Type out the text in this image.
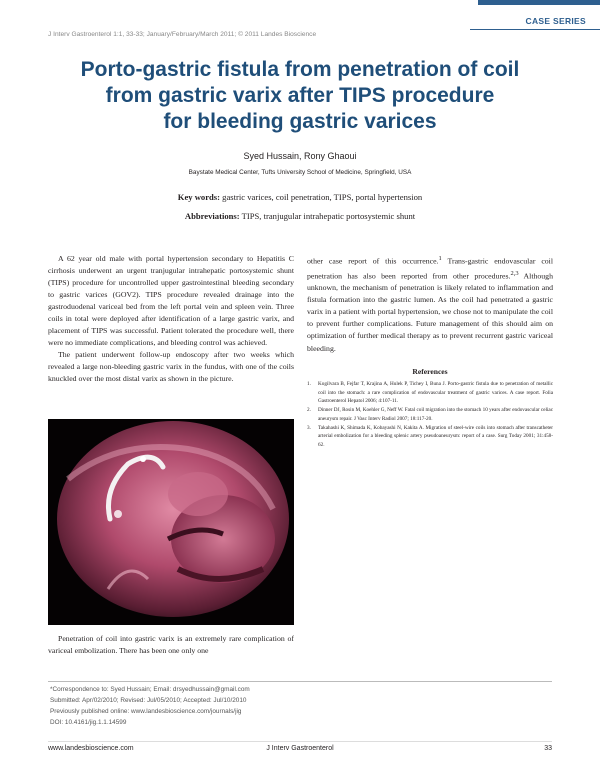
CASE SERIES
J Interv Gastroenterol 1:1, 33-33; January/February/March 2011; © 2011 Landes Bioscience
Porto-gastric fistula from penetration of coil
from gastric varix after TIPS procedure
for bleeding gastric varices
Syed Hussain, Rony Ghaoui
Baystate Medical Center, Tufts University School of Medicine, Springfield, USA
Key words: gastric varices, coil penetration, TIPS, portal hypertension
Abbreviations: TIPS, tranjugular intrahepatic portosystemic shunt

A 62 year old male with portal hypertension secondary to Hepatitis C cirrhosis underwent an urgent tranjugular intrahepatic portosystemic shunt (TIPS) procedure for uncontrolled upper gastrointestinal bleeding secondary to gastric varices (GOV2). TIPS procedure revealed drainage into the gastroduodenal variceal bed from the left portal vein and spleen vein. Three coils in total were deployed after identification of a large gastric varix, and placement of TIPS was successful. Patient tolerated the procedure well, there were no immediate complications, and bleeding control was achieved.

The patient underwent follow-up endoscopy after two weeks which revealed a large non-bleeding gastric varix in the fundus, with one of the coils knuckled over the most distal varix as shown in the picture.

Penetration of coil into gastric varix is an extremely rare complication of variceal embolization. There has been one only one

other case report of this occurrence.$^1$ Trans-gastric endovascular coil penetration has also been reported from other procedures.$^{2,3}$ Although unknown, the mechanism of penetration is likely related to inflammation and fistula formation into the gastric lumen. As the coil had penetrated a gastric varix in a patient with portal hypertension, we chose not to manipulate the coil to prevent further complications. Future management of this should aim on optimization of further medical therapy as to prevent recurrent gastric variceal bleeding.

References
1. Kogilvara B, Fejfar T, Krajina A, Hulek P, Tichey I, Buna J. Porto-gastric fistula due to penetration of metallic coil into the stomach: a rare complication of endovascular treatment of gastric varices. A case report. Folia Gastroenterol Hepatol 2006; 4:107-11.
2. Dinner DJ, Rosin M, Koehler G, Neff W. Fatal coil migration into the stomach 10 years after endovascular celiac aneurysm repair. J Vasc Interv Radiol 2007; 18:117-20.
3. Takahashi K, Shimada K, Kobayashi N, Kakita A. Migration of steel-wire coils into stomach after transcatheter arterial embolization for a bleeding splenic artery pseudoaneurysm: report of a case. Surg Today 2001; 31:458-62.
*Correspondence to: Syed Hussain; Email: drsyedhussain@gmail.com
Submitted: Apr/02/2010; Revised: Jul/05/2010; Accepted: Jul/10/2010
Previously published online: www.landesbioscience.com/journals/jig
DOI: 10.4161/jig.1.1.14599
www.landesbioscience.com	J Interv Gastroenterol	33
